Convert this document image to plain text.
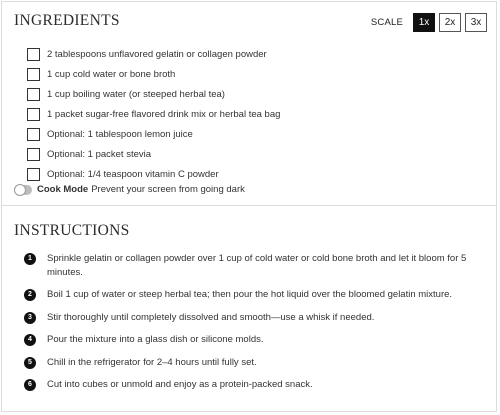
INGREDIENTS	SCALE	1x	2x	3x
2 tablespoons unflavored gelatin or collagen powder
1 cup cold water or bone broth
1 cup boiling water (or steeped herbal tea)
1 packet sugar-free flavored drink mix or herbal tea bag
Optional: 1 tablespoon lemon juice
Optional: 1 packet stevia
Optional: 1/4 teaspoon vitamin C powder
Cook Mode Prevent your screen from going dark
INSTRUCTIONS
1	Sprinkle gelatin or collagen powder over 1 cup of cold water or cold bone broth and let it bloom for 5 minutes.
2	Boil 1 cup of water or steep herbal tea; then pour the hot liquid over the bloomed gelatin mixture.
3	Stir thoroughly until completely dissolved and smooth—use a whisk if needed.
4	Pour the mixture into a glass dish or silicone molds.
5	Chill in the refrigerator for 2–4 hours until fully set.
6	Cut into cubes or unmold and enjoy as a protein-packed snack.
